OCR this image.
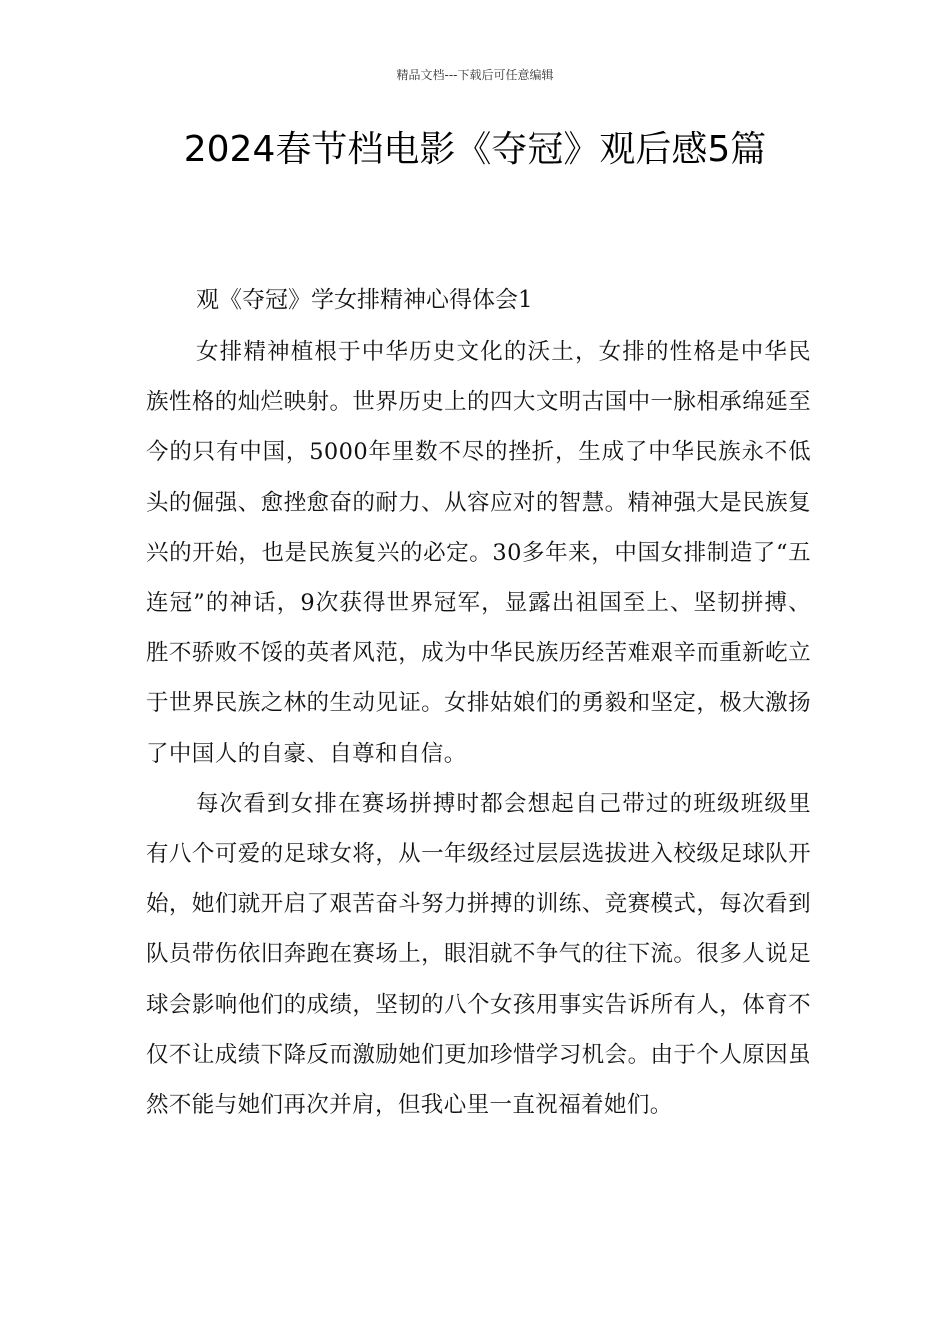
精品文档---下载后可任意编辑
2024春节档电影《夺冠》观后感5篇
观《夺冠》学女排精神心得体会1

女排精神植根于中华历史文化的沃土，女排的性格是中华民族性格的灿烂映射。世界历史上的四大文明古国中一脉相承绵延至今的只有中国，5000年里数不尽的挫折，生成了中华民族永不低头的倔强、愈挫愈奋的耐力、从容应对的智慧。精神强大是民族复兴的开始，也是民族复兴的必定。30多年来，中国女排制造了“五连冠”的神话，9次获得世界冠军，显露出祖国至上、坚韧拼搏、胜不骄败不馁的英者风范，成为中华民族历经苦难艰辛而重新屹立于世界民族之林的生动见证。女排姑娘们的勇毅和坚定，极大激扬了中国人的自豪、自尊和自信。

每次看到女排在赛场拼搏时都会想起自己带过的班级班级里有八个可爱的足球女将，从一年级经过层层选拔进入校级足球队开始，她们就开启了艰苦奋斗努力拼搏的训练、竞赛模式，每次看到队员带伤依旧奔跑在赛场上，眼泪就不争气的往下流。很多人说足球会影响他们的成绩，坚韧的八个女孩用事实告诉所有人，体育不仅不让成绩下降反而激励她们更加珍惜学习机会。由于个人原因虽然不能与她们再次并肩，但我心里一直祝福着她们。
